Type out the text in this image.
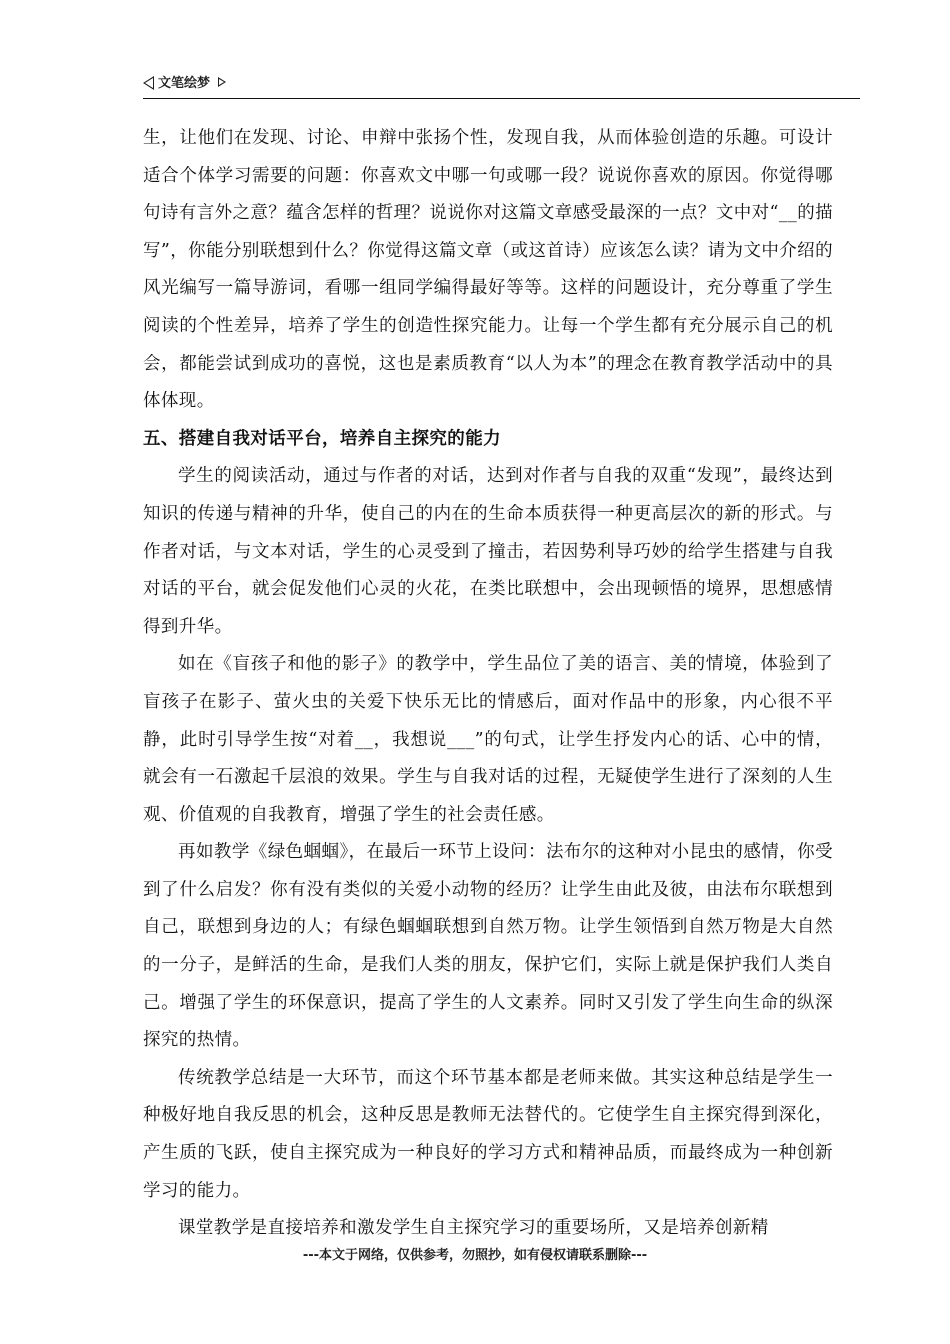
文笔绘梦

生，让他们在发现、讨论、申辩中张扬个性，发现自我，从而体验创造的乐趣。可设计适合个体学习需要的问题：你喜欢文中哪一句或哪一段？说说你喜欢的原因。你觉得哪句诗有言外之意？蕴含怎样的哲理？说说你对这篇文章感受最深的一点？文中对“__的描写”，你能分别联想到什么？你觉得这篇文章（或这首诗）应该怎么读？请为文中介绍的风光编写一篇导游词，看哪一组同学编得最好等等。这样的问题设计，充分尊重了学生阅读的个性差异，培养了学生的创造性探究能力。让每一个学生都有充分展示自己的机会，都能尝试到成功的喜悦，这也是素质教育“以人为本”的理念在教育教学活动中的具体体现。

五、搭建自我对话平台，培养自主探究的能力

学生的阅读活动，通过与作者的对话，达到对作者与自我的双重“发现”，最终达到知识的传递与精神的升华，使自己的内在的生命本质获得一种更高层次的新的形式。与作者对话，与文本对话，学生的心灵受到了撞击，若因势利导巧妙的给学生搭建与自我对话的平台，就会促发他们心灵的火花，在类比联想中，会出现顿悟的境界，思想感情得到升华。

如在《盲孩子和他的影子》的教学中，学生品位了美的语言、美的情境，体验到了盲孩子在影子、萤火虫的关爱下快乐无比的情感后，面对作品中的形象，内心很不平静，此时引导学生按“对着__，我想说___”的句式，让学生抒发内心的话、心中的情，就会有一石激起千层浪的效果。学生与自我对话的过程，无疑使学生进行了深刻的人生观、价值观的自我教育，增强了学生的社会责任感。

再如教学《绿色蝈蝈》，在最后一环节上设问：法布尔的这种对小昆虫的感情，你受到了什么启发？你有没有类似的关爱小动物的经历？让学生由此及彼，由法布尔联想到自己，联想到身边的人；有绿色蝈蝈联想到自然万物。让学生领悟到自然万物是大自然的一分子，是鲜活的生命，是我们人类的朋友，保护它们，实际上就是保护我们人类自己。增强了学生的环保意识，提高了学生的人文素养。同时又引发了学生向生命的纵深探究的热情。

传统教学总结是一大环节，而这个环节基本都是老师来做。其实这种总结是学生一种极好地自我反思的机会，这种反思是教师无法替代的。它使学生自主探究得到深化，产生质的飞跃，使自主探究成为一种良好的学习方式和精神品质，而最终成为一种创新学习的能力。

课堂教学是直接培养和激发学生自主探究学习的重要场所，又是培养创新精

---本文于网络，仅供参考，勿照抄，如有侵权请联系删除---
